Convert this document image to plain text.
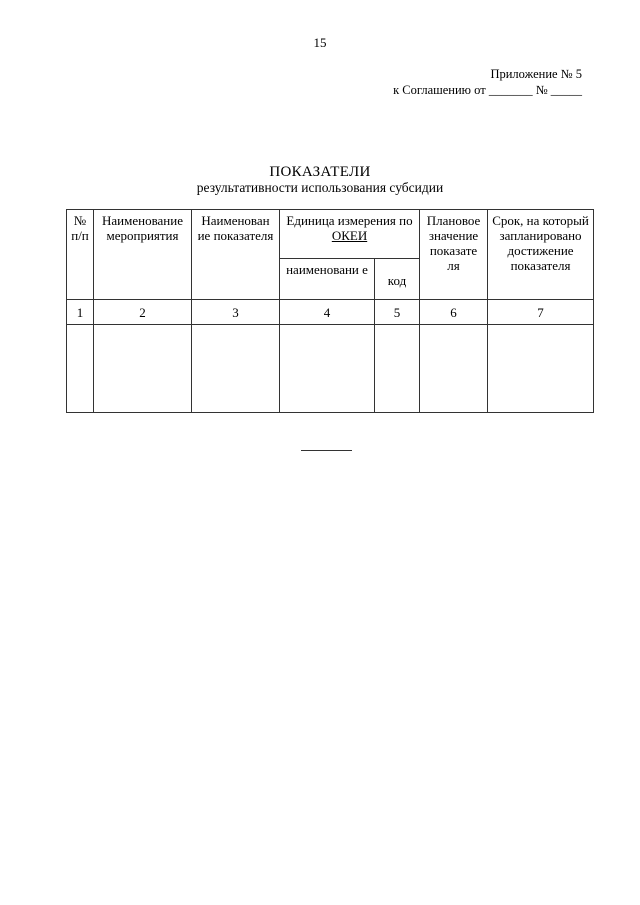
15
Приложение № 5
к Соглашению от _______ № _____
ПОКАЗАТЕЛИ
результативности использования субсидии
№ п/п	Наименование мероприятия	Наименован ие показателя	Единица измерения по ОКЕИ		Плановое значение показате ля	Срок, на который запланировано достижение показателя
			наименовани е	код		
1	2	3	4	5	6	7
